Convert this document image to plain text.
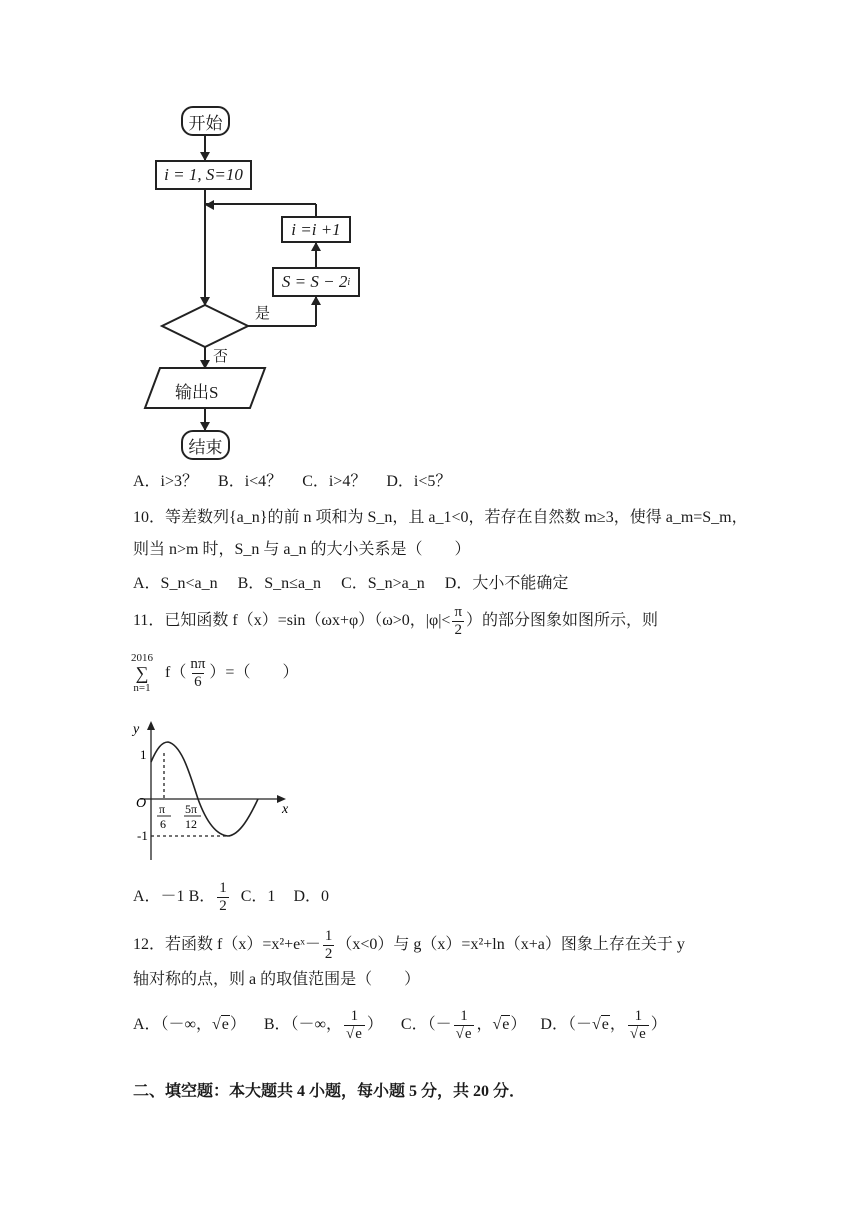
开始
i = 1, S=10
i =i +1
S = S − 2 i
是
否
输出S
结束
A．i>3？ B．i<4？ C．i>4？ D．i<5？
10．等差数列{a_n}的前 n 项和为 S_n，且 a_1<0，若存在自然数 m≥3，使得 a_m=S_m，
则当 n>m 时，S_n 与 a_n 的大小关系是（　　）
A．S_n<a_n B．S_n≤a_n C．S_n>a_n D．大小不能确定
11．已知函数 f（x）=sin（ωx+φ）（ω>0，$|\varphi|< \frac{\pi}{2}$ ）的部分图象如图所示，则
2016
∑
n=1
$f( \frac{n\pi}{6}$ ）=（　　）
y
x
O
1
-1
π
6
5π
12
A．－1 B． $\frac{1}{2}$ C．1 D．0
12．若函数 f（x）=x²+eˣ－ $\frac{1}{2} (x<0)$与 g（x）=x²+ln（x+a）图象上存在关于 y
轴对称的点，则 a 的取值范围是（　　）
A．（－∞，√e） B．（－∞， $\frac{1}{√e}$ ） C．（－ $\frac{1}{√e}$ ，√e） D．（－√e， $\frac{1}{√e}$ ）
二、填空题：本大题共 4 小题，每小题 5 分，共 20 分．
